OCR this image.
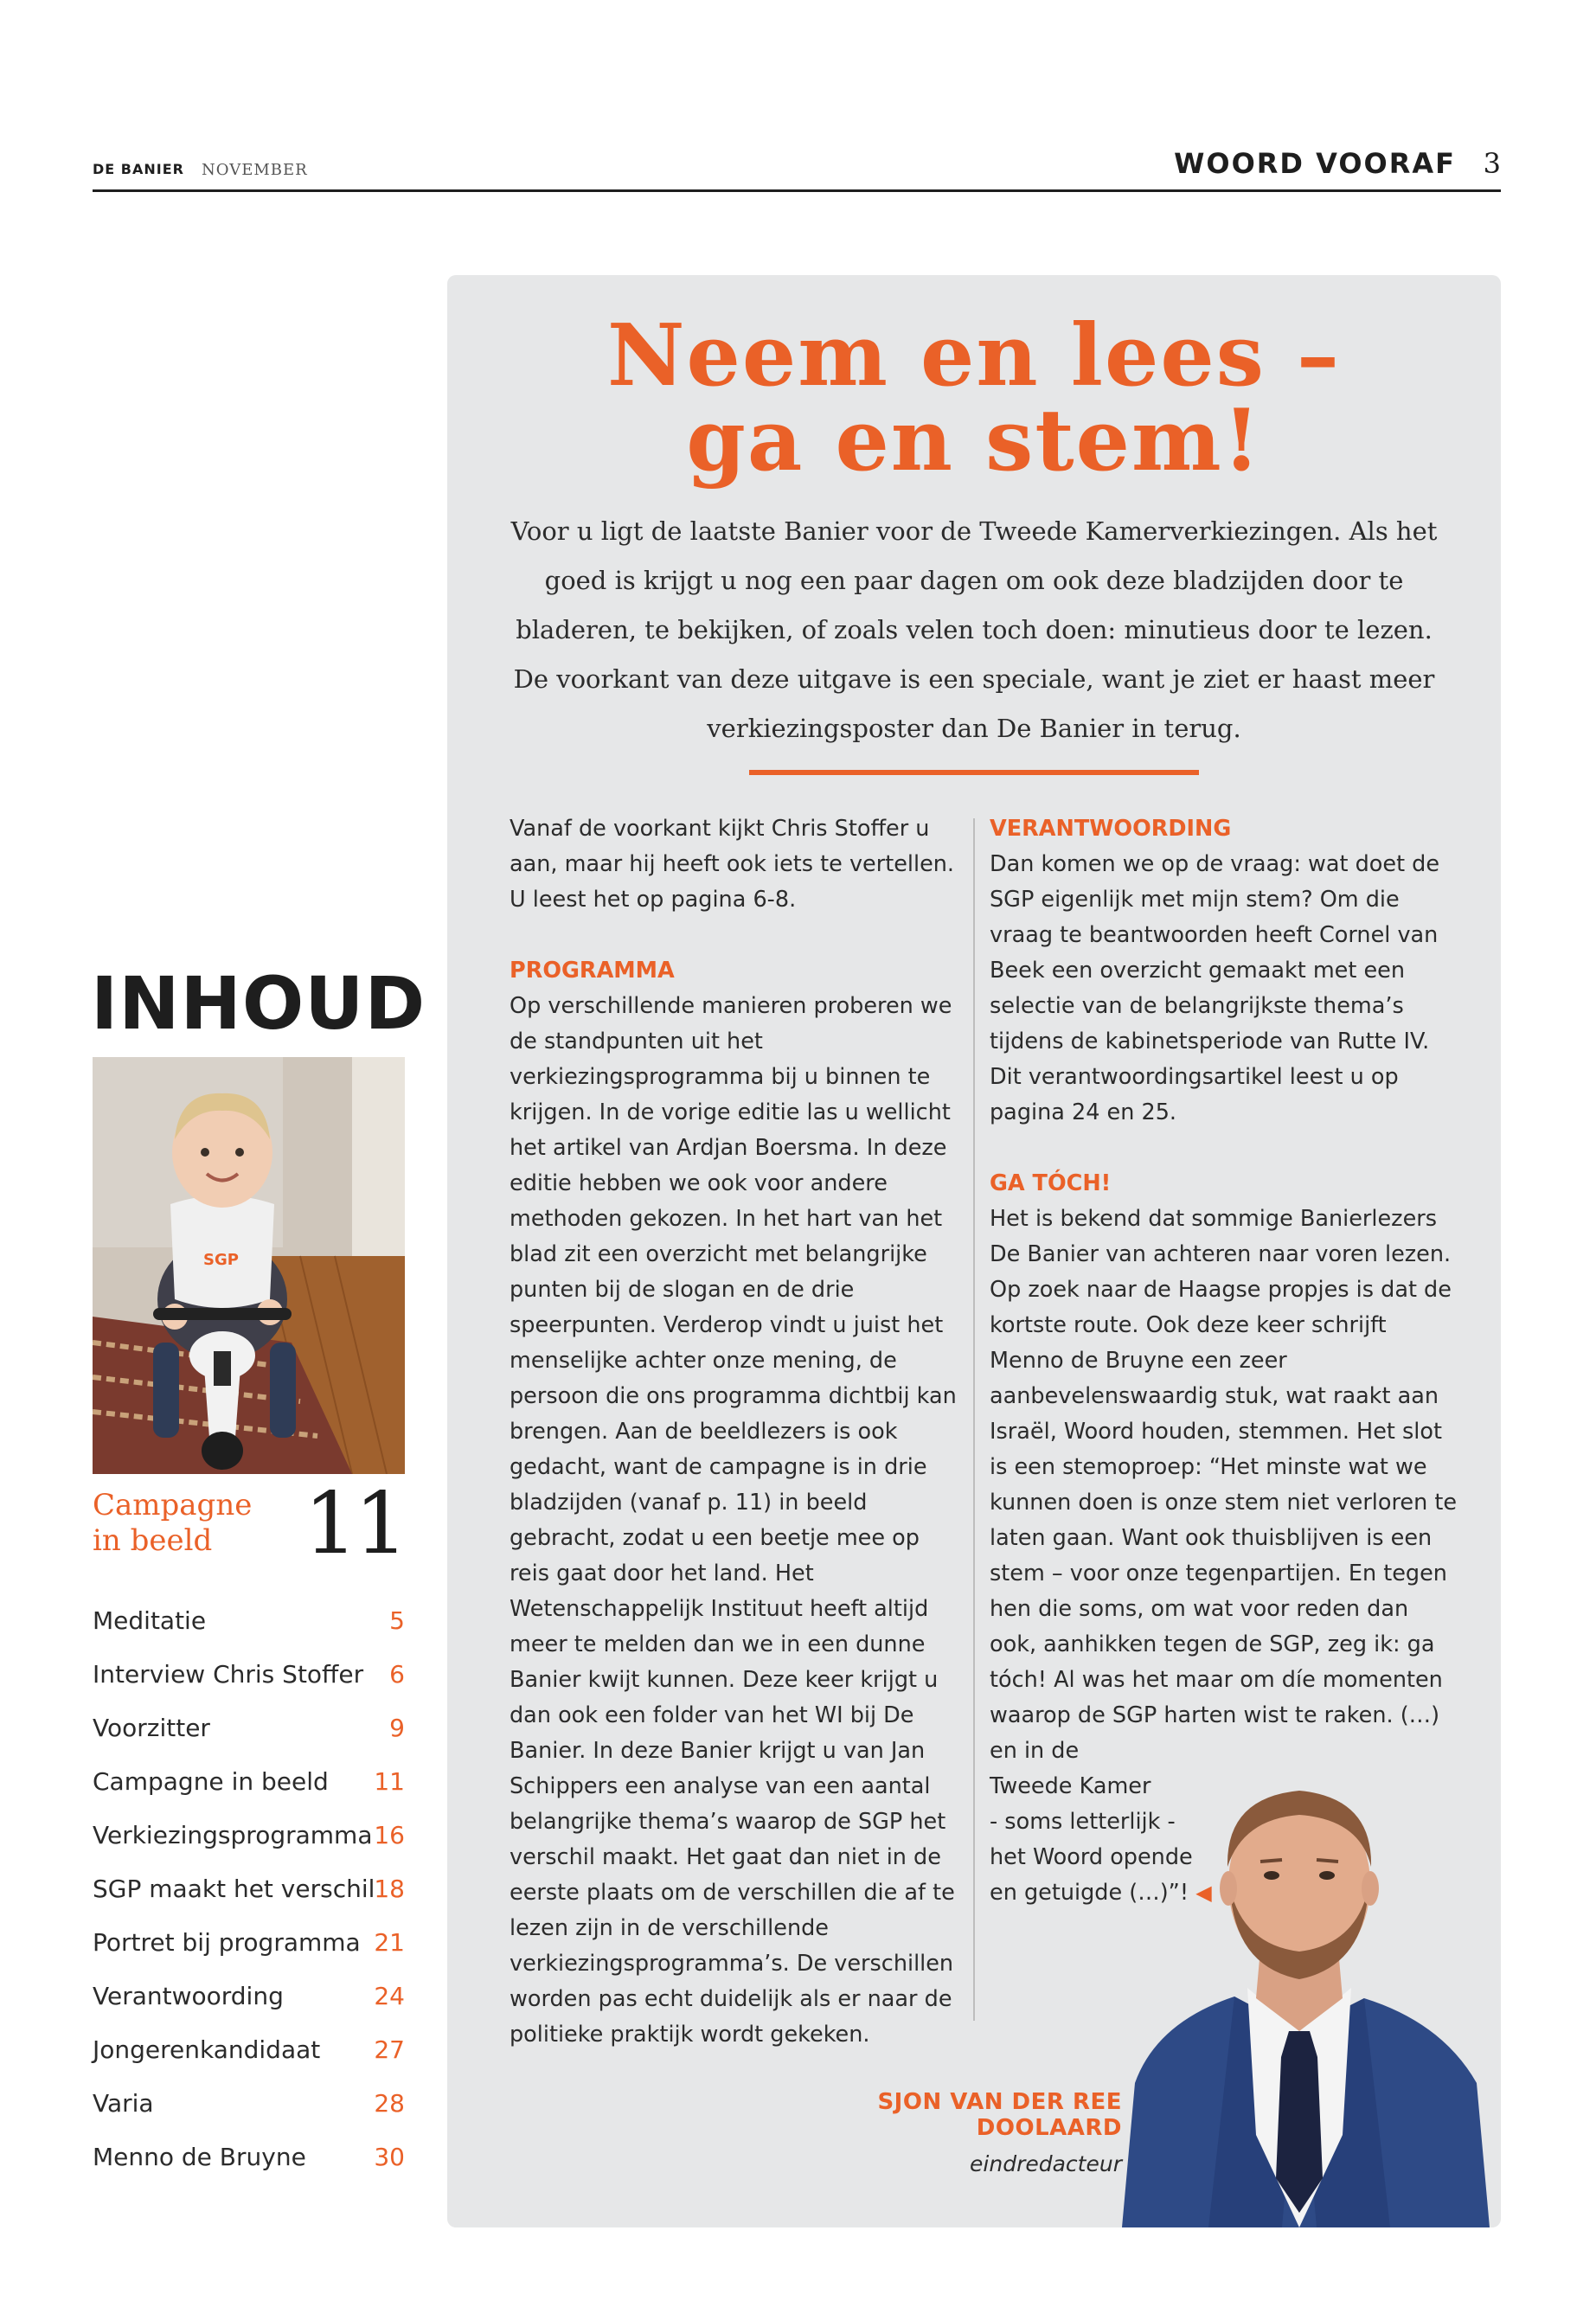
DE BANIER NOVEMBER	WOORD VOORAF 3
Neem en lees –
ga en stem!

Voor u ligt de laatste Banier voor de Tweede Kamerverkiezingen. Als het goed is krijgt u nog een paar dagen om ook deze bladzijden door te bladeren, te bekijken, of zoals velen toch doen: minutieus door te lezen. De voorkant van deze uitgave is een speciale, want je ziet er haast meer verkiezingsposter dan De Banier in terug.

Vanaf de voorkant kijkt Chris Stoffer u aan, maar hij heeft ook iets te vertellen. U leest het op pagina 6-8.

PROGRAMMA

Op verschillende manieren proberen we de standpunten uit het verkiezingsprogramma bij u binnen te krijgen. In de vorige editie las u wellicht het artikel van Ardjan Boersma. In deze editie hebben we ook voor andere methoden gekozen. In het hart van het blad zit een overzicht met belangrijke punten bij de slogan en de drie speerpunten. Verderop vindt u juist het menselijke achter onze mening, de persoon die ons programma dichtbij kan brengen. Aan de beeldlezers is ook gedacht, want de campagne is in drie bladzijden (vanaf p. 11) in beeld gebracht, zodat u een beetje mee op reis gaat door het land. Het Wetenschappelijk Instituut heeft altijd meer te melden dan we in een dunne Banier kwijt kunnen. Deze keer krijgt u dan ook een folder van het WI bij De Banier. In deze Banier krijgt u van Jan Schippers een analyse van een aantal belangrijke thema’s waarop de SGP het verschil maakt. Het gaat dan niet in de eerste plaats om de verschillen die af te lezen zijn in de verschillende verkiezingsprogramma’s. De verschillen worden pas echt duidelijk als er naar de politieke praktijk wordt gekeken.

VERANTWOORDING

Dan komen we op de vraag: wat doet de SGP eigenlijk met mijn stem? Om die vraag te beantwoorden heeft Cornel van Beek een overzicht gemaakt met een selectie van de belangrijkste thema’s tijdens de kabinetsperiode van Rutte IV. Dit verantwoordingsartikel leest u op pagina 24 en 25.

GA TÓCH!

Het is bekend dat sommige Banierlezers De Banier van achteren naar voren lezen. Op zoek naar de Haagse propjes is dat de kortste route. Ook deze keer schrijft Menno de Bruyne een zeer aanbevelenswaardig stuk, wat raakt aan Israël, Woord houden, stemmen. Het slot is een stemoproep: “Het minste wat we kunnen doen is onze stem niet verloren te laten gaan. Want ook thuisblijven is een stem – voor onze tegenpartijen. En tegen hen die soms, om wat voor reden dan ook, aanhikken tegen de SGP, zeg ik: ga tóch! Al was het maar om díe momenten waarop de SGP harten wist te raken. (…) en in de

Tweede Kamer

- soms letterlijk -

het Woord opende

en getuigde (…)”! ◀

SJON VAN DER REE DOOLAARD
eindredacteur
INHOUD
SGP
Campagne
in beeld	11
Meditatie	5
Interview Chris Stoffer 6
Voorzitter	9
Campagne in beeld 11
Verkiezingsprogramma 16
SGP maakt het verschil
18
Portret bij programma 21
Verantwoording	24
Jongerenkandidaat 27
Varia	28
Menno de Bruyne	30
